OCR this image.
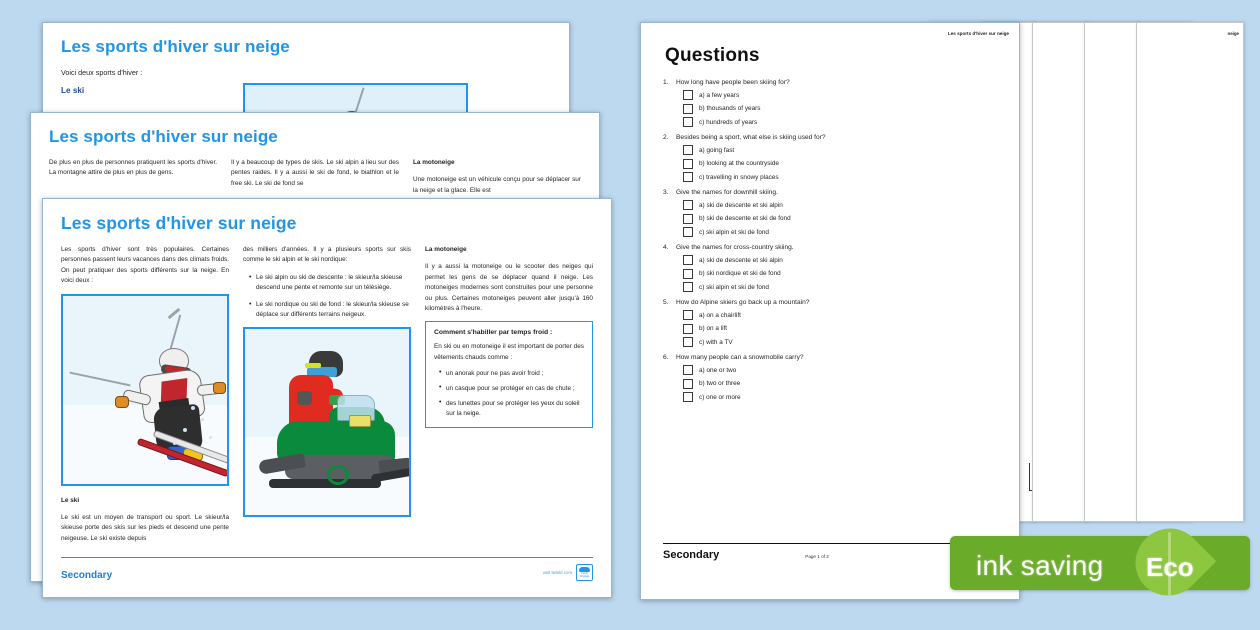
Les sports d'hiver sur neige

Voici deux sports d'hiver :

Le ski

Les sports d'hiver sur neige

De plus en plus de personnes pratiquent les sports d'hiver. La montagne attire de plus en plus de gens.

Il y a beaucoup de types de skis. Le ski alpin a lieu sur des pentes raides. Il y a aussi le ski de fond, le biathlon et le free ski. Le ski de fond se

La motoneige

Une motoneige est un véhicule conçu pour se déplacer sur la neige et la glace. Elle est

Les sports d'hiver sur neige

Les sports d'hiver sont très populaires. Certaines personnes passent leurs vacances dans des climats froids. On peut pratiquer des sports différents sur la neige. En voici deux :

Le ski

Le ski est un moyen de transport ou sport. Le skieur/la skieuse porte des skis sur les pieds et descend une pente neigeuse. Le ski existe depuis

des milliers d'années. Il y a plusieurs sports sur skis comme le ski alpin et le ski nordique:

• Le ski alpin ou ski de descente : le skieur/la skieuse descend une pente et remonte sur un télésiège.
• Le ski nordique ou ski de fond : le skieur/la skieuse se déplace sur différents terrains neigeux.

La motoneige

Il y a aussi la motoneige ou le scooter des neiges qui permet les gens de se déplacer quand il neige. Les motoneiges modernes sont construites pour une personne ou plus. Certaines motoneiges peuvent aller jusqu'à 160 kilomètres à l'heure.

Comment s'habiller par temps froid :

En ski ou en motoneige il est important de porter des vêtements chauds comme :

• un anorak pour ne pas avoir froid ;
• un casque pour se protéger en cas de chute ;
• des lunettes pour se protéger les yeux du soleil sur la neige.
Secondary	visit twinkl.com	Twinkl
Originals
neige
Les sports d'hiver sur neige
Questions
1.	How long have people been skiing for?
a) a few years
b) thousands of years
c) hundreds of years
2.	Besides being a sport, what else is skiing used for?
a) going fast
b) looking at the countryside
c) travelling in snowy places
3.	Give the names for downhill skiing.
a) ski de descente et ski alpin
b) ski de descente et ski de fond
c) ski alpin et ski de fond
4.	Give the names for cross-country skiing.
a) ski de descente et ski alpin
b) ski nordique et ski de fond
c) ski alpin et ski de fond
5.	How do Alpine skiers go back up a mountain?
a) on a chairlift
b) on a lift
c) with a TV
6.	How many people can a snowmobile carry?
a) one or two
b) two or three
c) one or more
Secondary	Page 1 of 2	ink saving Eco
